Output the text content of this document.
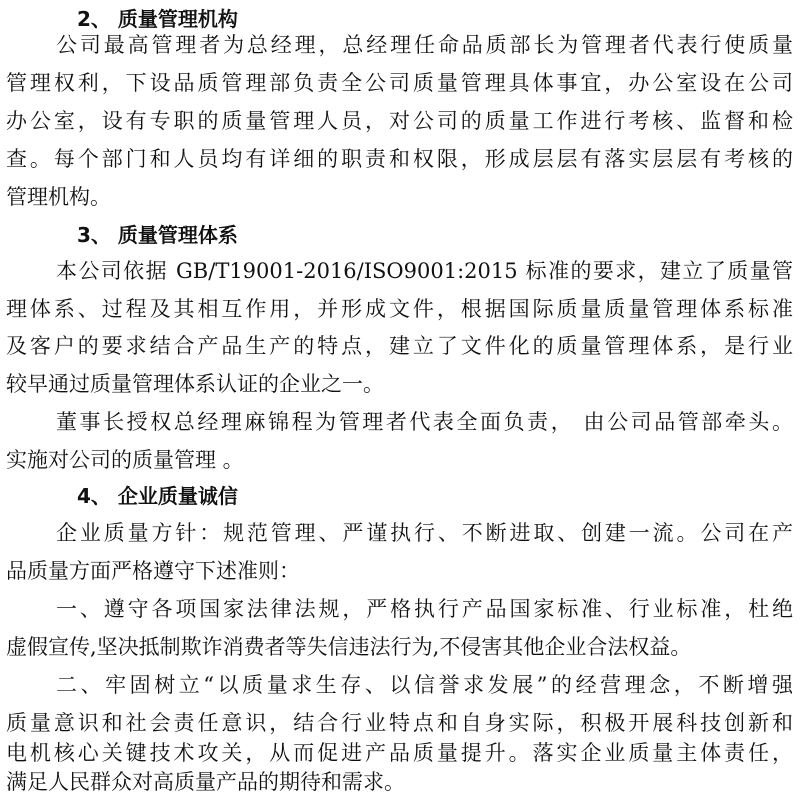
2、 质量管理机构
公司最高管理者为总经理，总经理任命品质部长为管理者代表行使质量
管理权利，下设品质管理部负责全公司质量管理具体事宜，办公室设在公司
办公室，设有专职的质量管理人员，对公司的质量工作进行考核、监督和检
查。每个部门和人员均有详细的职责和权限，形成层层有落实层层有考核的
管理机构。
3、 质量管理体系
本公司依据 GB/T19001-2016/ISO9001:2015 标准的要求，建立了质量管
理体系、过程及其相互作用，并形成文件，根据国际质量质量管理体系标准
及客户的要求结合产品生产的特点，建立了文件化的质量管理体系，是行业
较早通过质量管理体系认证的企业之一。
董事长授权总经理麻锦程为管理者代表全面负责， 由公司品管部牵头。
实施对公司的质量管理 。
4、 企业质量诚信
企业质量方针：规范管理、严谨执行、不断进取、创建一流。公司在产
品质量方面严格遵守下述准则：
一、遵守各项国家法律法规，严格执行产品国家标准、行业标准，杜绝
虚假宣传,坚决抵制欺诈消费者等失信违法行为,不侵害其他企业合法权益。
二、牢固树立“以质量求生存、以信誉求发展”的经营理念，不断增强
质量意识和社会责任意识，结合行业特点和自身实际，积极开展科技创新和
电机核心关键技术攻关，从而促进产品质量提升。落实企业质量主体责任，
满足人民群众对高质量产品的期待和需求。
